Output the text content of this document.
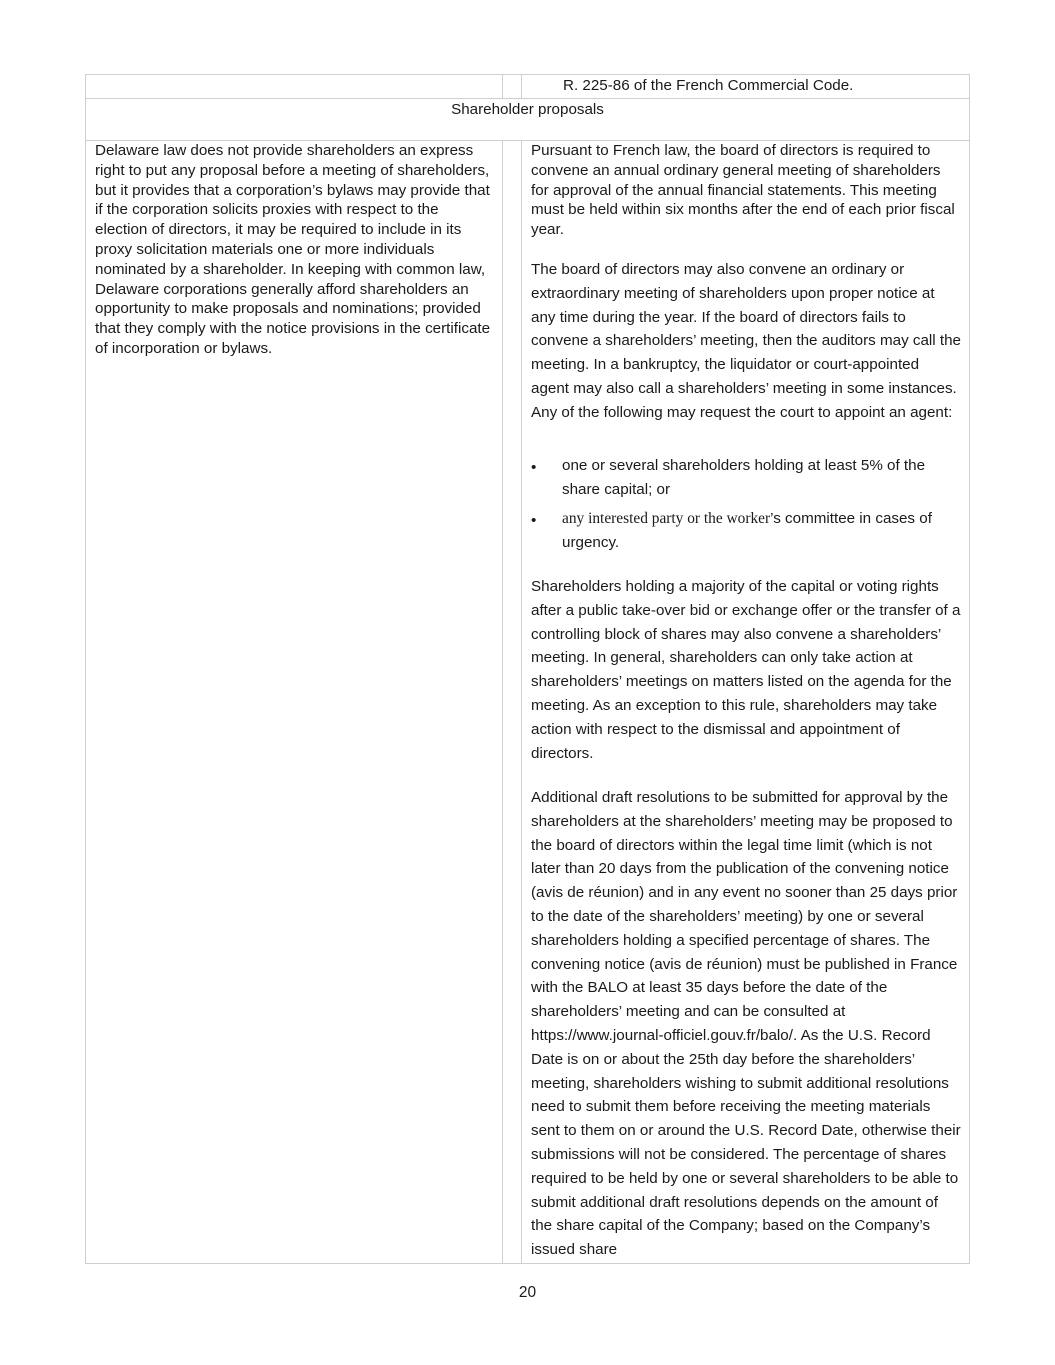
R. 225-86 of the French Commercial Code.
Shareholder proposals
Delaware law does not provide shareholders an express right to put any proposal before a meeting of shareholders, but it provides that a corporation’s bylaws may provide that if the corporation solicits proxies with respect to the election of directors, it may be required to include in its proxy solicitation materials one or more individuals nominated by a shareholder. In keeping with common law, Delaware corporations generally afford shareholders an opportunity to make proposals and nominations; provided that they comply with the notice provisions in the certificate of incorporation or bylaws.
Pursuant to French law, the board of directors is required to convene an annual ordinary general meeting of shareholders for approval of the annual financial statements. This meeting must be held within six months after the end of each prior fiscal year.
The board of directors may also convene an ordinary or extraordinary meeting of shareholders upon proper notice at any time during the year. If the board of directors fails to convene a shareholders’ meeting, then the auditors may call the meeting. In a bankruptcy, the liquidator or court-appointed agent may also call a shareholders’ meeting in some instances. Any of the following may request the court to appoint an agent:
• one or several shareholders holding at least 5% of the share capital; or
• any interested party or the worker’s committee in cases of urgency.
Shareholders holding a majority of the capital or voting rights after a public take-over bid or exchange offer or the transfer of a controlling block of shares may also convene a shareholders’ meeting. In general, shareholders can only take action at shareholders’ meetings on matters listed on the agenda for the meeting. As an exception to this rule, shareholders may take action with respect to the dismissal and appointment of directors.
Additional draft resolutions to be submitted for approval by the shareholders at the shareholders’ meeting may be proposed to the board of directors within the legal time limit (which is not later than 20 days from the publication of the convening notice (avis de réunion) and in any event no sooner than 25 days prior to the date of the shareholders’ meeting) by one or several shareholders holding a specified percentage of shares. The convening notice (avis de réunion) must be published in France with the BALO at least 35 days before the date of the shareholders’ meeting and can be consulted at https://www.journal-officiel.gouv.fr/balo/. As the U.S. Record Date is on or about the 25th day before the shareholders’ meeting, shareholders wishing to submit additional resolutions need to submit them before receiving the meeting materials sent to them on or around the U.S. Record Date, otherwise their submissions will not be considered. The percentage of shares required to be held by one or several shareholders to be able to submit additional draft resolutions depends on the amount of the share capital of the Company; based on the Company’s issued share
20
